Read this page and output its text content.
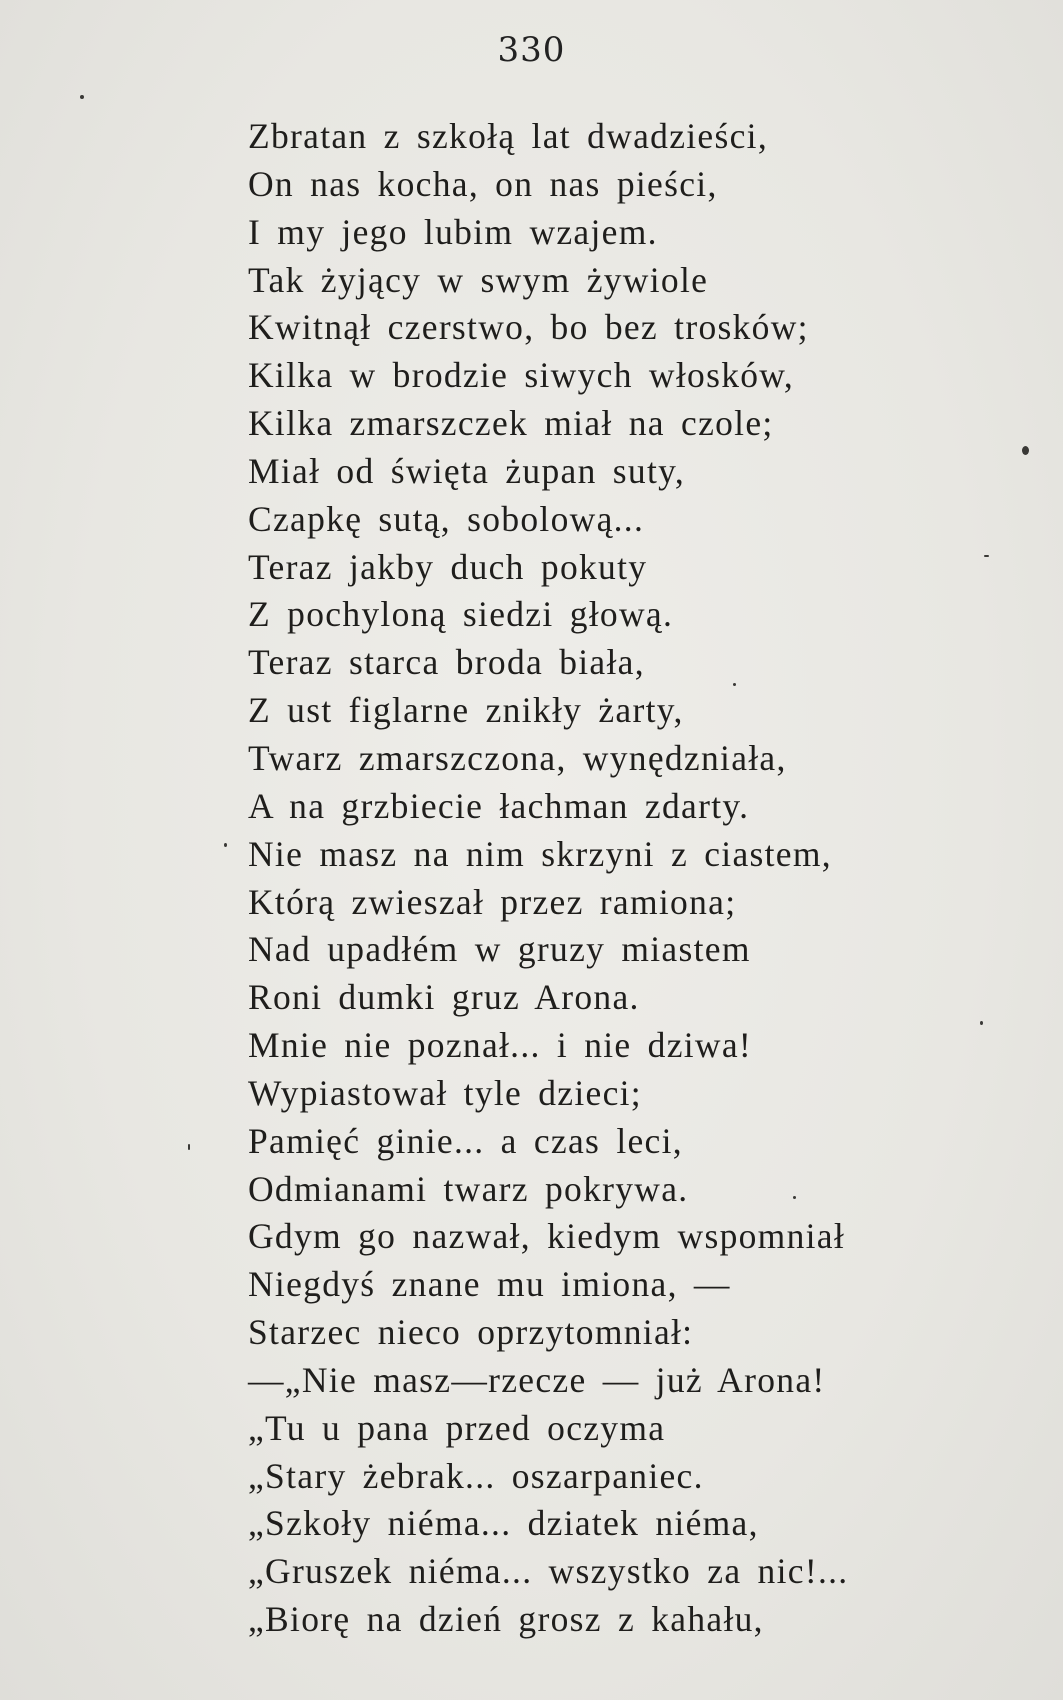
330
Zbratan z szkołą lat dwadzieści,
On nas kocha, on nas pieści,
I my jego lubim wzajem.
Tak żyjący w swym żywiole
Kwitnął czerstwo, bo bez trosków;
Kilka w brodzie siwych włosków,
Kilka zmarszczek miał na czole;
Miał od święta żupan suty,
Czapkę sutą, sobolową...
Teraz jakby duch pokuty
Z pochyloną siedzi głową.
Teraz starca broda biała,
Z ust figlarne znikły żarty,
Twarz zmarszczona, wynędzniała,
A na grzbiecie łachman zdarty.
Nie masz na nim skrzyni z ciastem,
Którą zwieszał przez ramiona;
Nad upadłém w gruzy miastem
Roni dumki gruz Arona.
Mnie nie poznał... i nie dziwa!
Wypiastował tyle dzieci;
Pamięć ginie... a czas leci,
Odmianami twarz pokrywa.
Gdym go nazwał, kiedym wspomniał
Niegdyś znane mu imiona, —
Starzec nieco oprzytomniał:
—„Nie masz—rzecze — już Arona!
„Tu u pana przed oczyma
„Stary żebrak... oszarpaniec.
„Szkoły niéma... dziatek niéma,
„Gruszek niéma... wszystko za nic!...
„Biorę na dzień grosz z kahału,
